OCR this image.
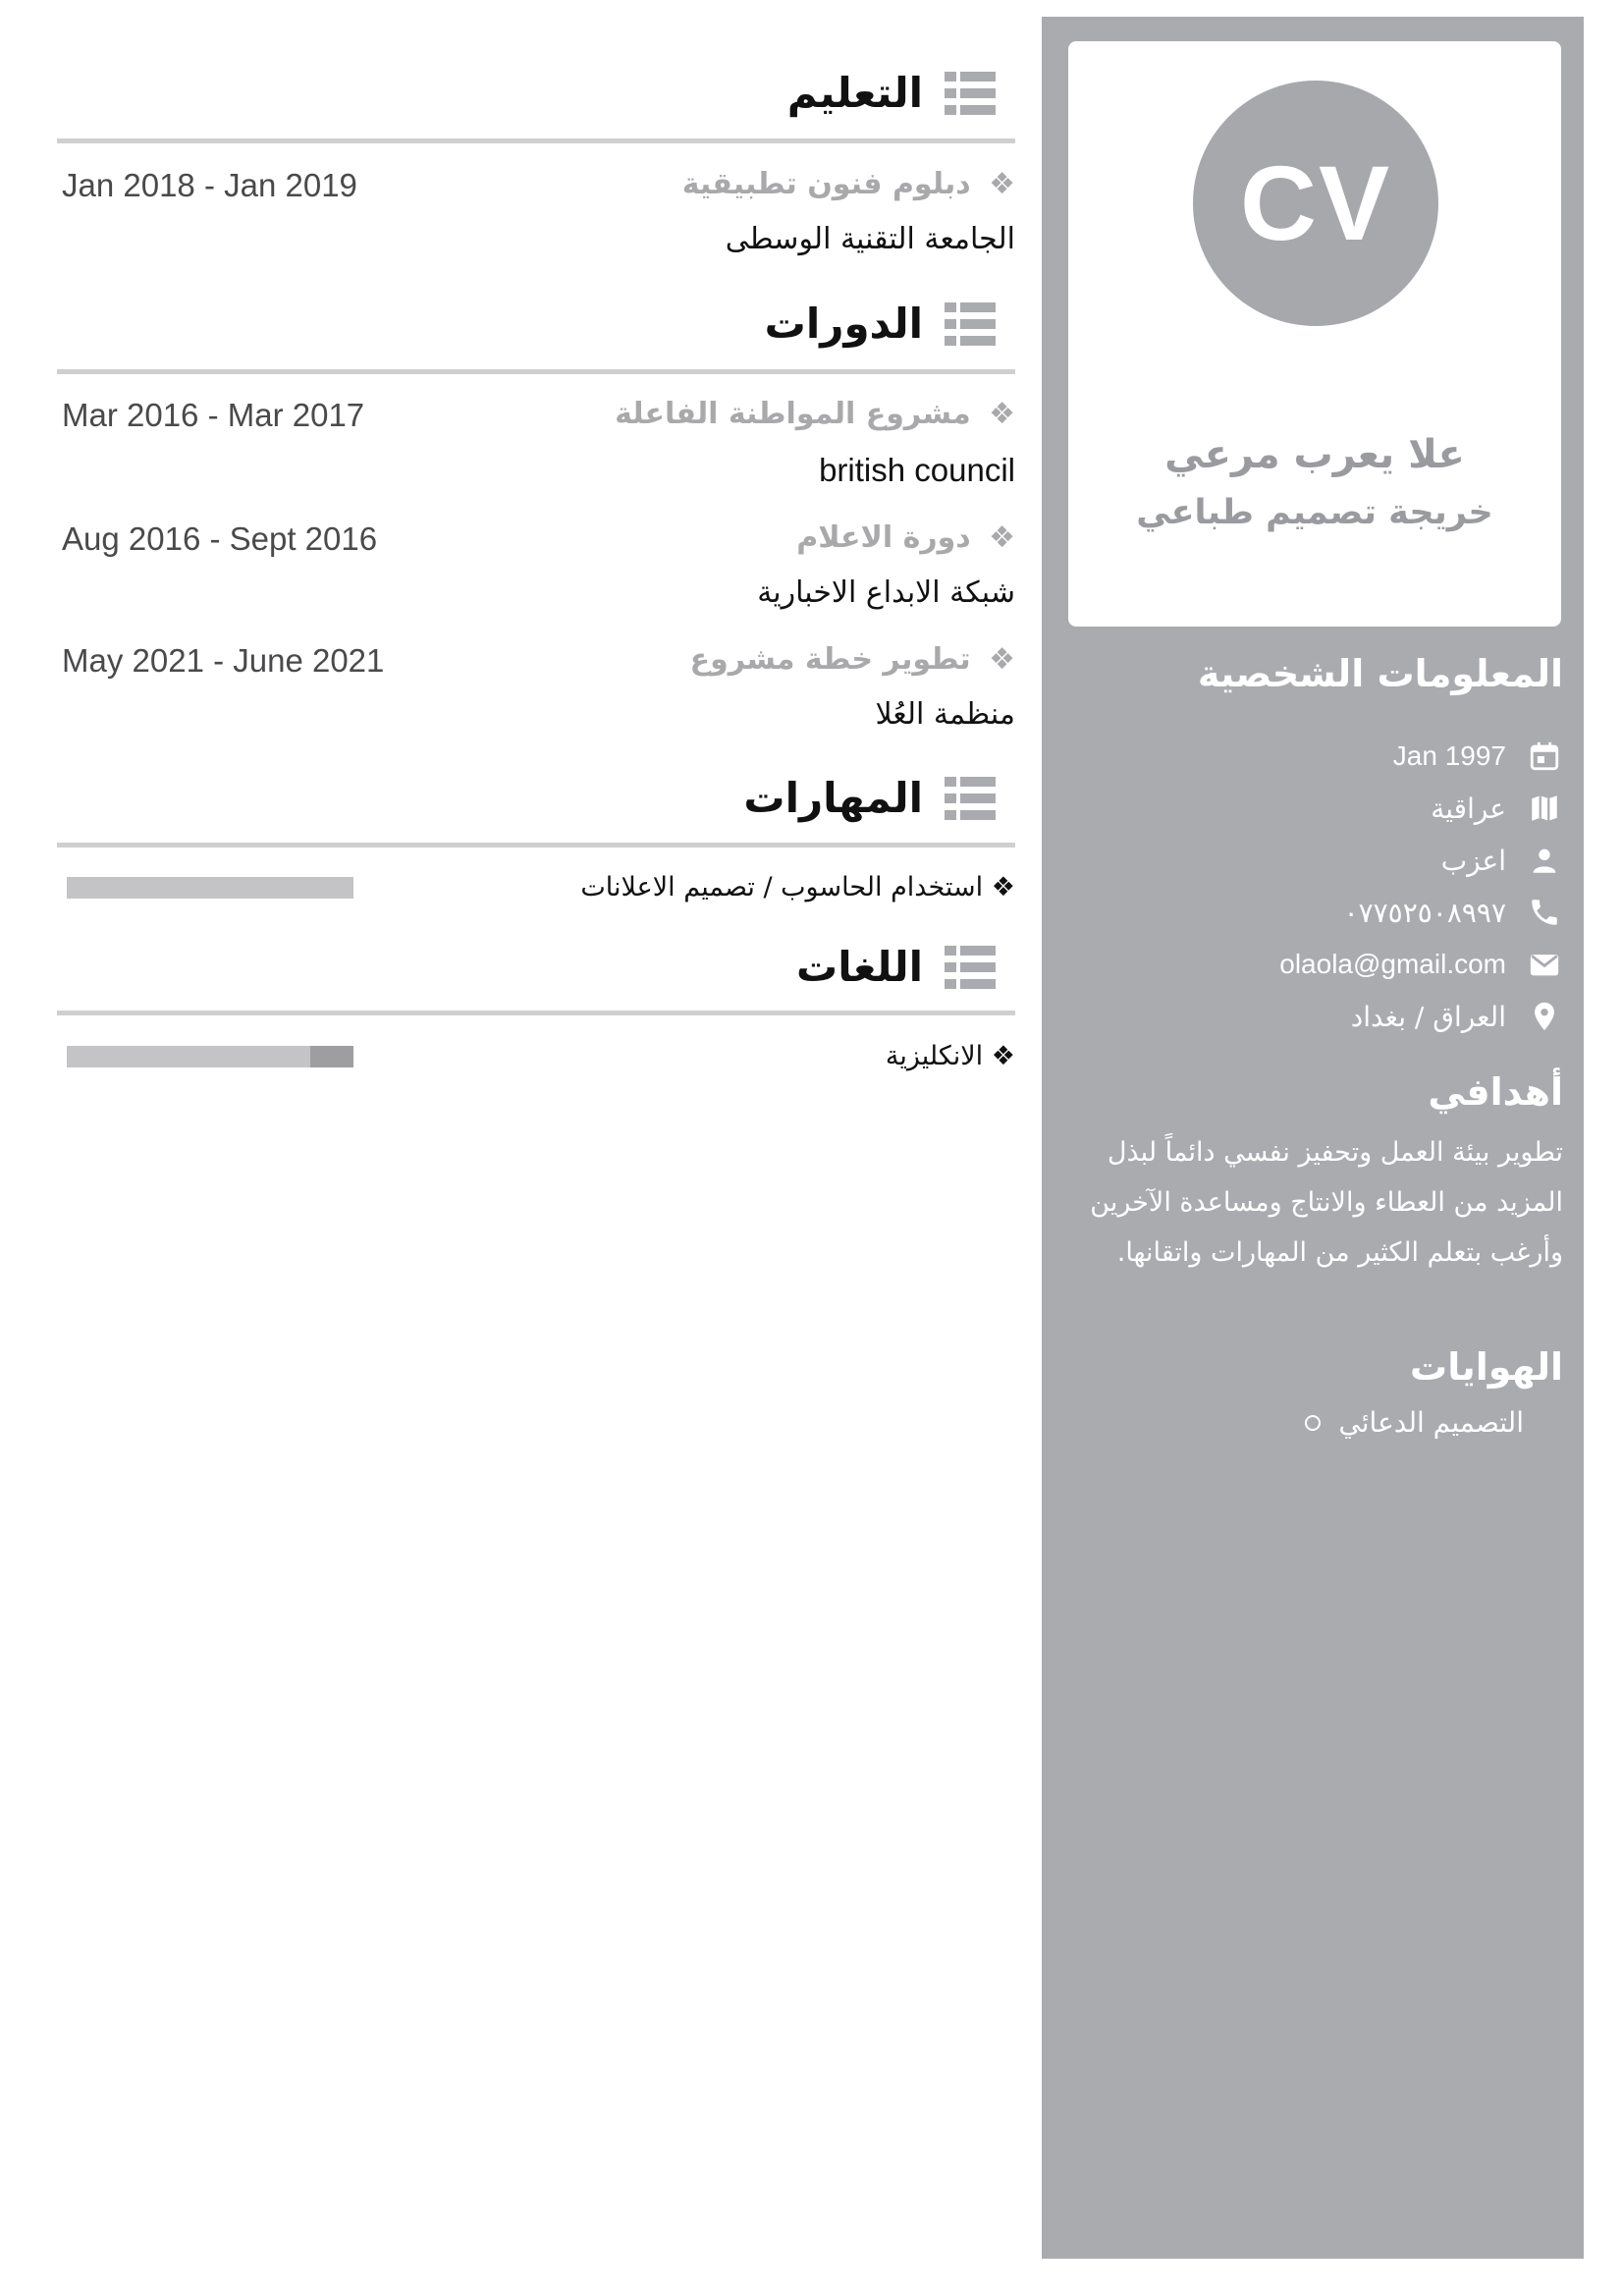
CV
علا يعرب مرعي
خريجة تصميم طباعي
المعلومات الشخصية
Jan 1997
عراقية
اعزب
٠٧٧٥٢٥٠٨٩٩٧
olaola@gmail.com
العراق / بغداد
أهدافي
تطوير بيئة العمل وتحفيز نفسي دائماً لبذل
المزيد من العطاء والانتاج ومساعدة الآخرين
وأرغب بتعلم الكثير من المهارات واتقانها.
الهوايات
التصميم الدعائي
التعليم
❖ دبلوم فنون تطبيقية
Jan 2018 - Jan 2019
الجامعة التقنية الوسطى
الدورات
❖ مشروع المواطنة الفاعلة
Mar 2016 - Mar 2017
british council
❖ دورة الاعلام
Aug 2016 - Sept 2016
شبكة الابداع الاخبارية
❖ تطوير خطة مشروع
May 2021 - June 2021
منظمة العُلا
المهارات
❖ استخدام الحاسوب / تصميم الاعلانات
اللغات
❖ الانكليزية
